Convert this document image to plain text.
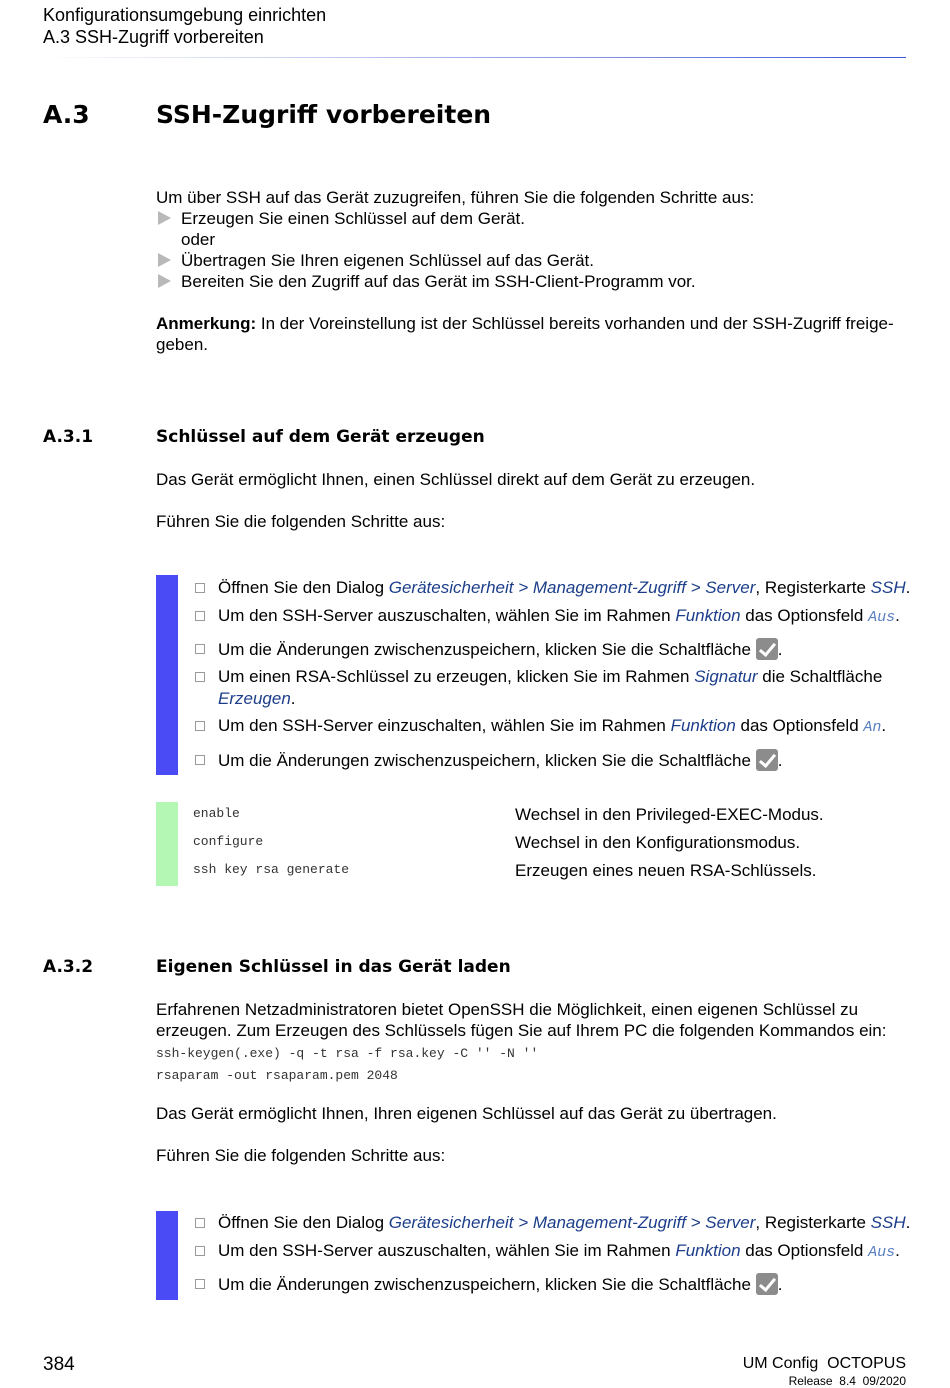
Konfigurationsumgebung einrichten
A.3 SSH-Zugriff vorbereiten
A.3	SSH-Zugriff vorbereiten
Um über SSH auf das Gerät zuzugreifen, führen Sie die folgenden Schritte aus:
Erzeugen Sie einen Schlüssel auf dem Gerät.
oder
Übertragen Sie Ihren eigenen Schlüssel auf das Gerät.
Bereiten Sie den Zugriff auf das Gerät im SSH-Client-Programm vor.
Anmerkung: In der Voreinstellung ist der Schlüssel bereits vorhanden und der SSH-Zugriff freige-
geben.
A.3.1	Schlüssel auf dem Gerät erzeugen
Das Gerät ermöglicht Ihnen, einen Schlüssel direkt auf dem Gerät zu erzeugen.
Führen Sie die folgenden Schritte aus:
Öffnen Sie den Dialog Gerätesicherheit > Management-Zugriff > Server, Registerkarte SSH.
Um den SSH-Server auszuschalten, wählen Sie im Rahmen Funktion das Optionsfeld Aus.
Um die Änderungen zwischenzuspeichern, klicken Sie die Schaltfläche .
Um einen RSA-Schlüssel zu erzeugen, klicken Sie im Rahmen Signatur die Schaltfläche
Erzeugen.
Um den SSH-Server einzuschalten, wählen Sie im Rahmen Funktion das Optionsfeld An.
Um die Änderungen zwischenzuspeichern, klicken Sie die Schaltfläche .
enable	Wechsel in den Privileged-EXEC-Modus.
configure	Wechsel in den Konfigurationsmodus.
ssh key rsa generate	Erzeugen eines neuen RSA-Schlüssels.
A.3.2	Eigenen Schlüssel in das Gerät laden
Erfahrenen Netzadministratoren bietet OpenSSH die Möglichkeit, einen eigenen Schlüssel zu
erzeugen. Zum Erzeugen des Schlüssels fügen Sie auf Ihrem PC die folgenden Kommandos ein:
ssh-keygen(.exe) -q -t rsa -f rsa.key -C '' -N ''
rsaparam -out rsaparam.pem 2048
Das Gerät ermöglicht Ihnen, Ihren eigenen Schlüssel auf das Gerät zu übertragen.
Führen Sie die folgenden Schritte aus:
Öffnen Sie den Dialog Gerätesicherheit > Management-Zugriff > Server, Registerkarte SSH.
Um den SSH-Server auszuschalten, wählen Sie im Rahmen Funktion das Optionsfeld Aus.
Um die Änderungen zwischenzuspeichern, klicken Sie die Schaltfläche .
384	UM Config  OCTOPUS
Release  8.4  09/2020
